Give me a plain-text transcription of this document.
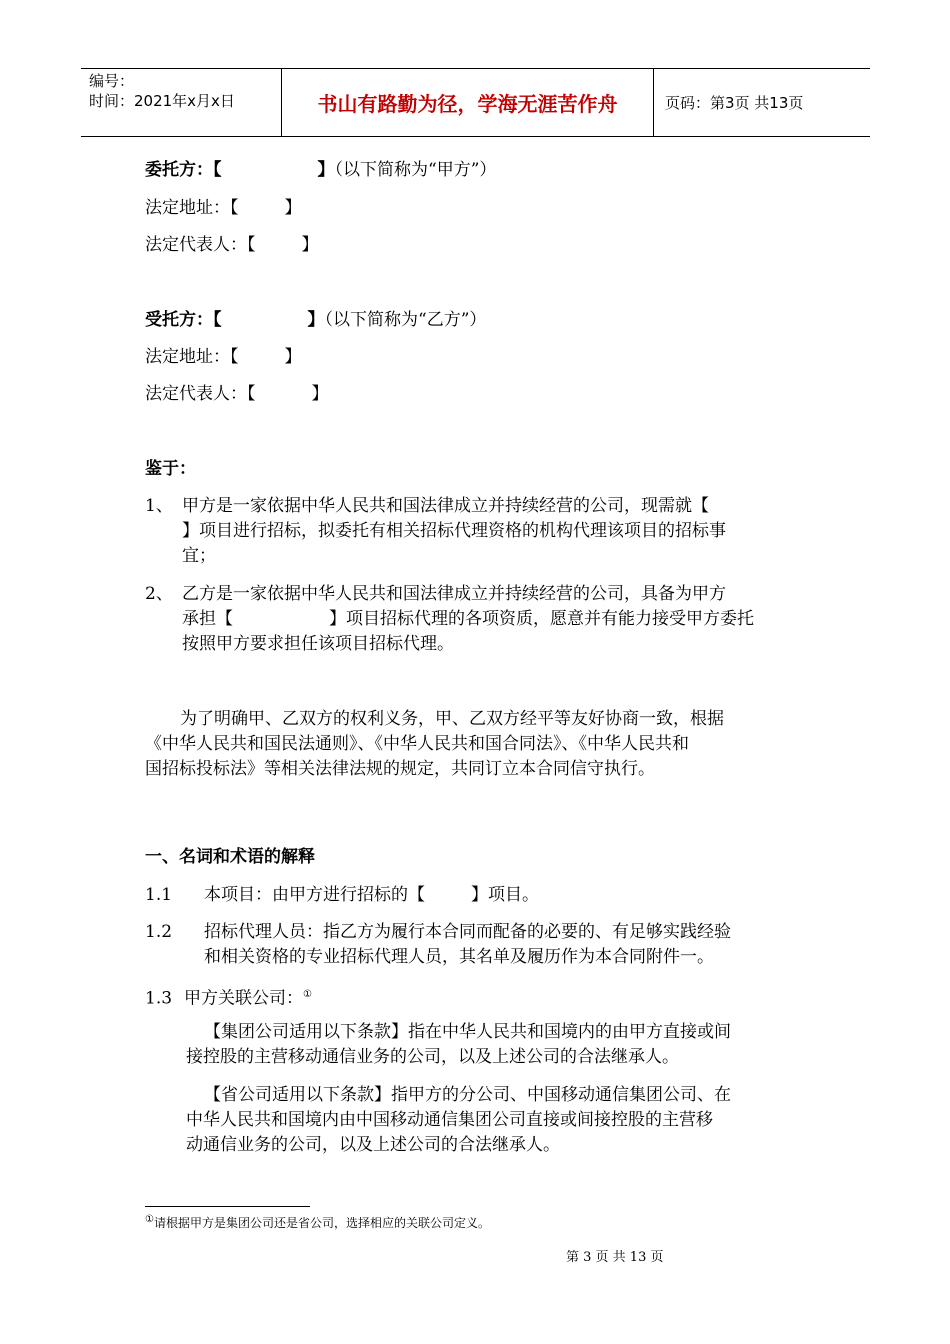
编号：
时间：2021年x月x日	书山有路勤为径，学海无涯苦作舟	页码：第3页 共13页
委托方：【	】（以下简称为“甲方”）
法定地址：【	】
法定代表人：【	】
受托方：【	】（以下简称为“乙方”）
法定地址：【	】
法定代表人：【	】
鉴于：
1、 甲方是一家依据中华人民共和国法律成立并持续经营的公司，现需就【
】项目进行招标，拟委托有相关招标代理资格的机构代理该项目的招标事
宜；
2、 乙方是一家依据中华人民共和国法律成立并持续经营的公司，具备为甲方
承担【	】项目招标代理的各项资质，愿意并有能力接受甲方委托
按照甲方要求担任该项目招标代理。
为了明确甲、乙双方的权利义务，甲、乙双方经平等友好协商一致，根据
《中华人民共和国民法通则》、《中华人民共和国合同法》、《中华人民共和
国招标投标法》等相关法律法规的规定，共同订立本合同信守执行。
一、名词和术语的解释
1.1 本项目：由甲方进行招标的【	】项目。
1.2 招标代理人员：指乙方为履行本合同而配备的必要的、有足够实践经验
和相关资格的专业招标代理人员，其名单及履历作为本合同附件一。
1.3 甲方关联公司：①
【集团公司适用以下条款】指在中华人民共和国境内的由甲方直接或间
接控股的主营移动通信业务的公司，以及上述公司的合法继承人。
【省公司适用以下条款】指甲方的分公司、中国移动通信集团公司、在
中华人民共和国境内由中国移动通信集团公司直接或间接控股的主营移
动通信业务的公司，以及上述公司的合法继承人。
①请根据甲方是集团公司还是省公司，选择相应的关联公司定义。
第 3 页 共 13 页
